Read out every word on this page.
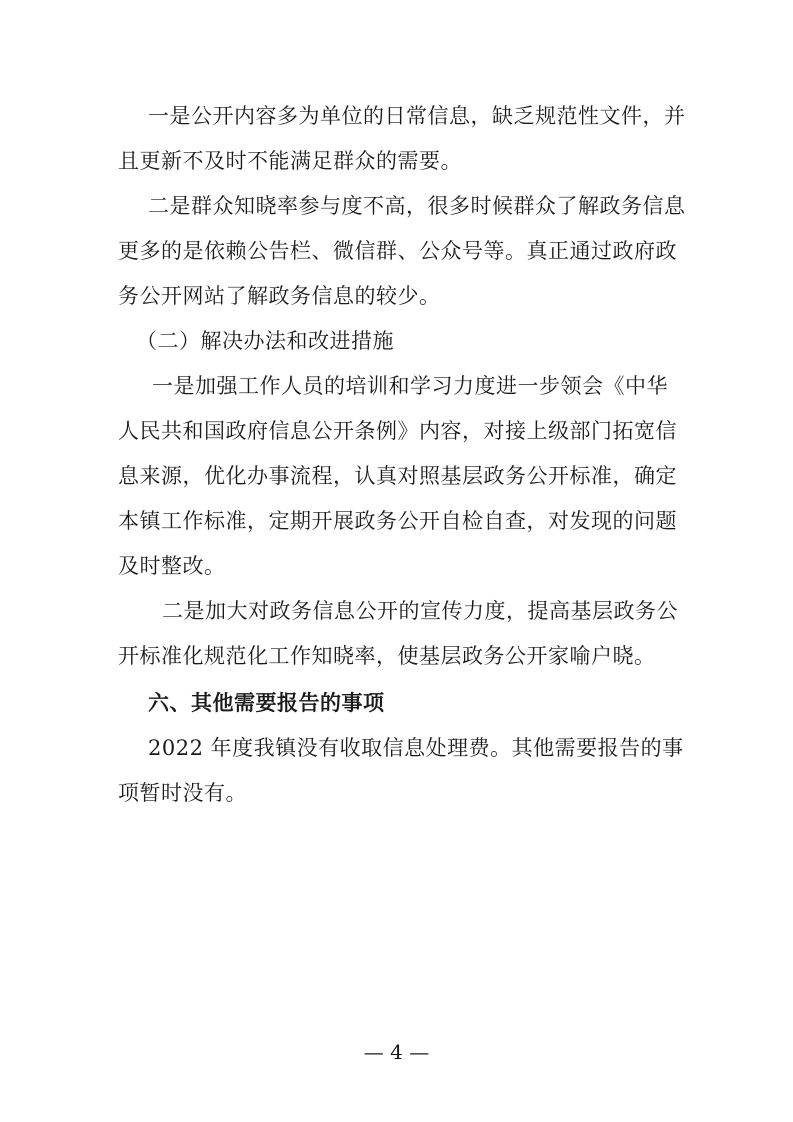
一是公开内容多为单位的日常信息，缺乏规范性文件，并
且更新不及时不能满足群众的需要。
二是群众知晓率参与度不高，很多时候群众了解政务信息
更多的是依赖公告栏、微信群、公众号等。真正通过政府政
务公开网站了解政务信息的较少。
（二）解决办法和改进措施
一是加强工作人员的培训和学习力度进一步领会《中华
人民共和国政府信息公开条例》内容，对接上级部门拓宽信
息来源，优化办事流程，认真对照基层政务公开标准，确定
本镇工作标准，定期开展政务公开自检自查，对发现的问题
及时整改。
二是加大对政务信息公开的宣传力度，提高基层政务公
开标准化规范化工作知晓率，使基层政务公开家喻户晓。
六、其他需要报告的事项
2022 年度我镇没有收取信息处理费。其他需要报告的事
项暂时没有。
— 4 —
